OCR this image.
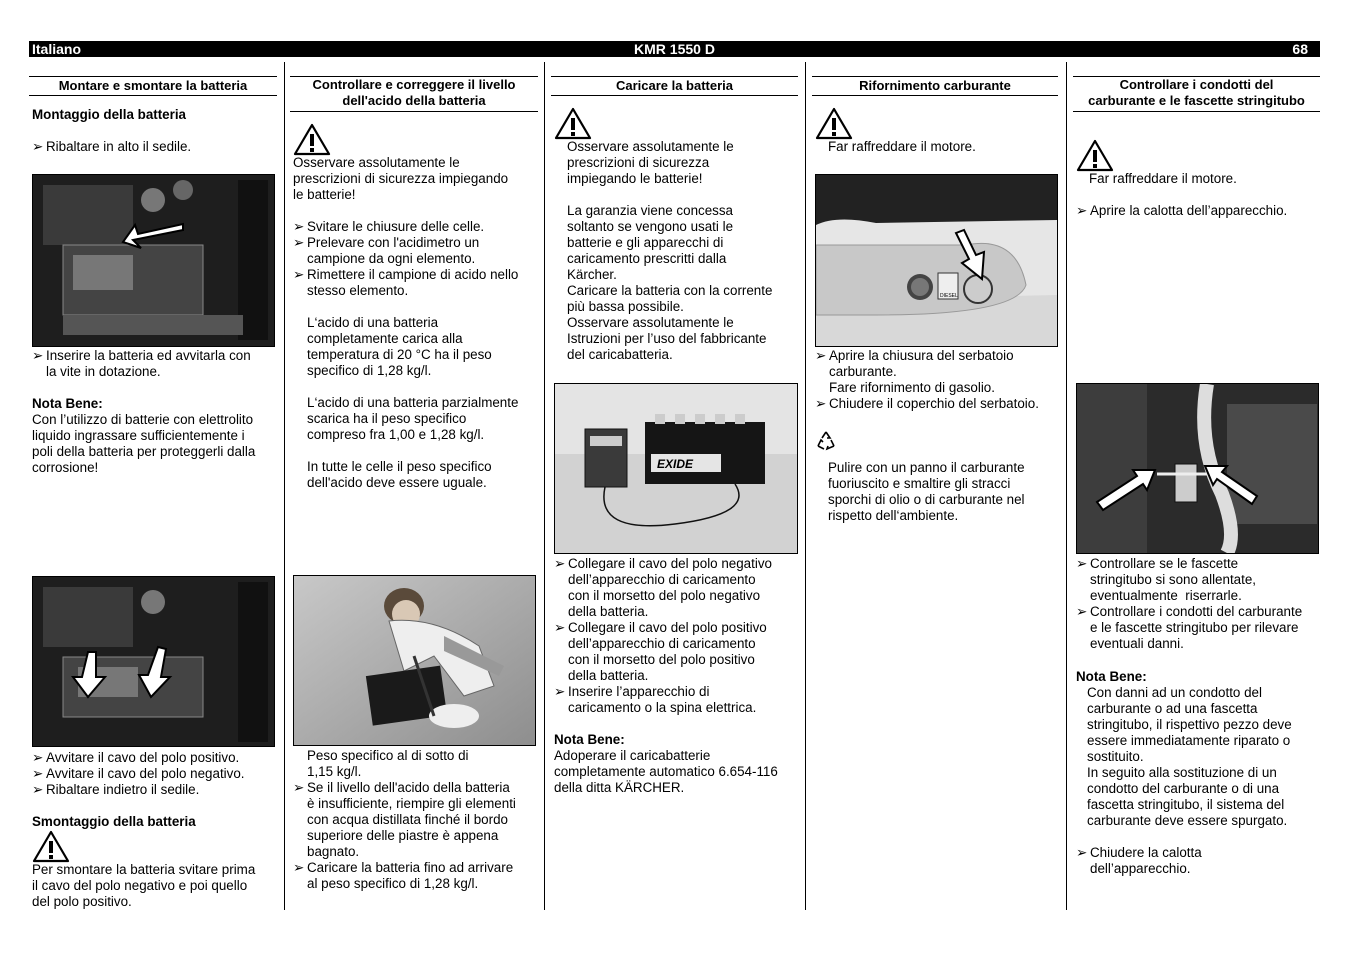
Italiano	KMR 1550 D	68
Montare e smontare la batteria
Montaggio della batteria
➢ Ribaltare in alto il sedile.
➢ Inserire la batteria ed avvitarla con
la vite in dotazione.
Nota Bene:
Con l’utilizzo di batterie con elettrolito
liquido ingrassare sufficientemente i
poli della batteria per proteggerli dalla
corrosione!
➢ Avvitare il cavo del polo positivo.
➢ Avvitare il cavo del polo negativo.
➢ Ribaltare indietro il sedile.
Smontaggio della batteria
Per smontare la batteria svitare prima
il cavo del polo negativo e poi quello
del polo positivo.
Controllare e correggere il livello
dell'acido della batteria
Osservare assolutamente le
prescrizioni di sicurezza impiegando
le batterie!
➢ Svitare le chiusure delle celle.
➢ Prelevare con l'acidimetro un
campione da ogni elemento.
➢ Rimettere il campione di acido nello
stesso elemento.
L‘acido di una batteria
completamente carica alla
temperatura di 20 °C ha il peso
specifico di 1,28 kg/l.
L‘acido di una batteria parzialmente
scarica ha il peso specifico
compreso fra 1,00 e 1,28 kg/l.
In tutte le celle il peso specifico
dell'acido deve essere uguale.
Peso specifico al di sotto di
1,15 kg/l.
➢ Se il livello dell'acido della batteria
è insufficiente, riempire gli elementi
con acqua distillata finché il bordo
superiore delle piastre è appena
bagnato.
➢ Caricare la batteria fino ad arrivare
al peso specifico di 1,28 kg/l.
Caricare la batteria
Osservare assolutamente le
prescrizioni di sicurezza
impiegando le batterie!

La garanzia viene concessa
soltanto se vengono usati le
batterie e gli apparecchi di
caricamento prescritti dalla
Kärcher.
Caricare la batteria con la corrente
più bassa possibile.
Osservare assolutamente le
Istruzioni per l’uso del fabbricante
del caricabatteria.
EXIDE
➢ Collegare il cavo del polo negativo
dell’apparecchio di caricamento
con il morsetto del polo negativo
della batteria.
➢ Collegare il cavo del polo positivo
dell’apparecchio di caricamento
con il morsetto del polo positivo
della batteria.
➢ Inserire l’apparecchio di
caricamento o la spina elettrica.
Nota Bene:
Adoperare il caricabatterie
completamente automatico 6.654-116
della ditta KÄRCHER.
Rifornimento carburante
Far raffreddare il motore.
DIESEL
➢ Aprire la chiusura del serbatoio
carburante.
Fare rifornimento di gasolio.
➢ Chiudere il coperchio del serbatoio.
Pulire con un panno il carburante
fuoriuscito e smaltire gli stracci
sporchi di olio o di carburante nel
rispetto dell‘ambiente.
Controllare i condotti del
carburante e le fascette stringitubo
Far raffreddare il motore.
➢ Aprire la calotta dell’apparecchio.
➢ Controllare se le fascette
stringitubo si sono allentate,
eventualmente  riserrarle.
➢ Controllare i condotti del carburante
e le fascette stringitubo per rilevare
eventuali danni.
Nota Bene:
Con danni ad un condotto del
carburante o ad una fascetta
stringitubo, il rispettivo pezzo deve
essere immediatamente riparato o
sostituito.
In seguito alla sostituzione di un
condotto del carburante o di una
fascetta stringitubo, il sistema del
carburante deve essere spurgato.
➢ Chiudere la calotta
dell’apparecchio.
